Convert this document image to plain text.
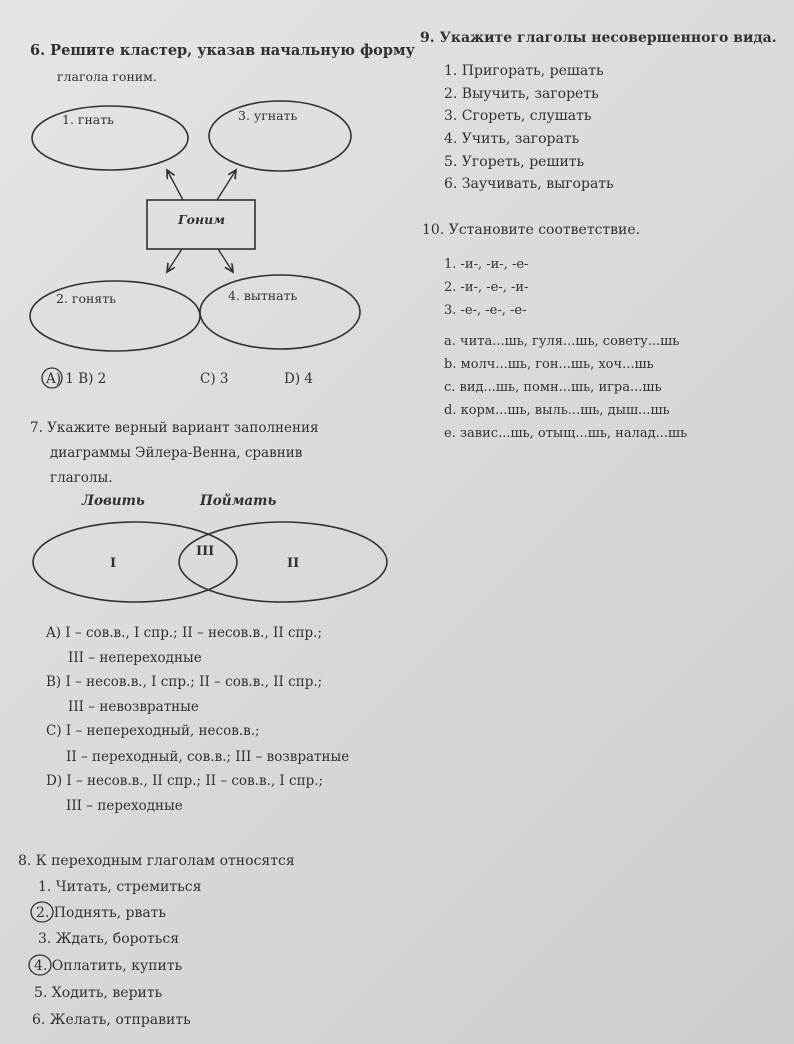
6. Решите кластер, указав начальную форму
глагола гоним.
1. гнать	3. угнать
Гоним
2. гонять	4. вытнать
A) 1 B) 2	C) 3	D) 4
7. Укажите верный вариант заполнения
диаграммы Эйлера-Венна, сравнив
глаголы.
Ловить	Поймать
I
III
II
A) I – сов.в., I спр.; II – несов.в., II спр.;
III – непереходные
B) I – несов.в., I спр.; II – сов.в., II спр.;
III – невозвратные
C) I – непереходный, несов.в.;
II – переходный, сов.в.; III – возвратные
D) I – несов.в., II спр.; II – сов.в., I спр.;
III – переходные
8. К переходным глаголам относятся
1. Читать, стремиться
2. Поднять, рвать
3. Ждать, бороться
4. Оплатить, купить
5. Ходить, верить
6. Желать, отправить
9. Укажите глаголы несовершенного вида.
1. Пригорать, решать
2. Выучить, загореть
3. Сгореть, слушать
4. Учить, загорать
5. Угореть, решить
6. Заучивать, выгорать
10. Установите соответствие.
1. -и-, -и-, -е-
2. -и-, -е-, -и-
3. -е-, -е-, -е-
a. чита...шь, гуля...шь, совету...шь
b. молч...шь, гон...шь, хоч...шь
c. вид...шь, помн...шь, игра...шь
d. корм...шь, выль...шь, дыш...шь
e. завис...шь, отыщ...шь, налад...шь
